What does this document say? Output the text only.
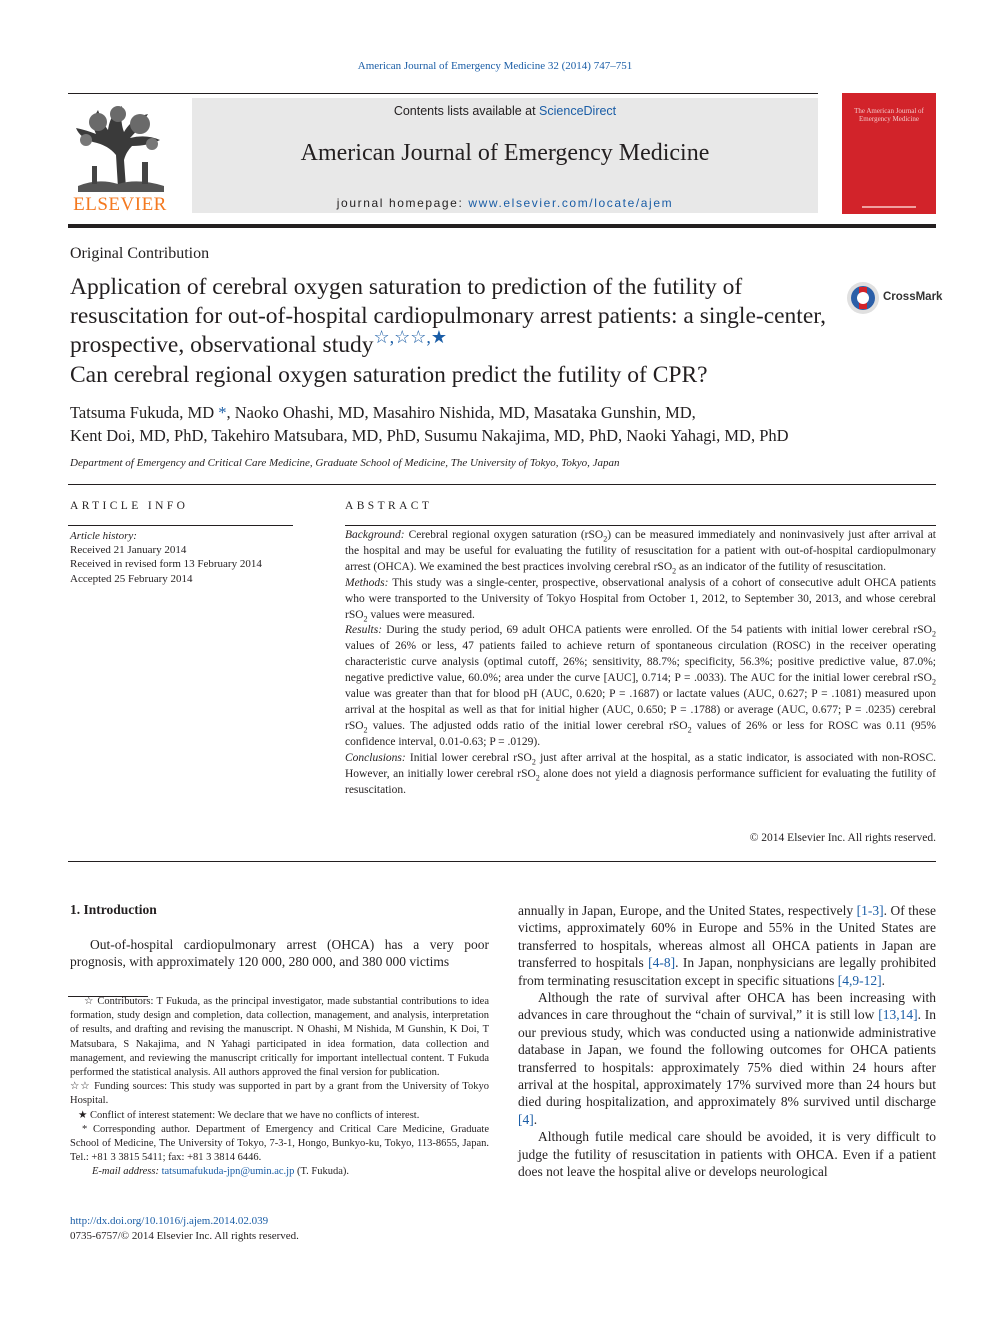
American Journal of Emergency Medicine 32 (2014) 747–751
ELSEVIER
Contents lists available at ScienceDirect
American Journal of Emergency Medicine
journal homepage: www.elsevier.com/locate/ajem
The American Journal of Emergency Medicine
Original Contribution
Application of cerebral oxygen saturation to prediction of the futility of resuscitation for out-of-hospital cardiopulmonary arrest patients: a single-center, prospective, observational study☆,☆☆,★
Can cerebral regional oxygen saturation predict the futility of CPR?
CrossMark
Tatsuma Fukuda, MD *, Naoko Ohashi, MD, Masahiro Nishida, MD, Masataka Gunshin, MD,
Kent Doi, MD, PhD, Takehiro Matsubara, MD, PhD, Susumu Nakajima, MD, PhD, Naoki Yahagi, MD, PhD
Department of Emergency and Critical Care Medicine, Graduate School of Medicine, The University of Tokyo, Tokyo, Japan
ARTICLE INFO	ABSTRACT
Article history:
Received 21 January 2014
Received in revised form 13 February 2014
Accepted 25 February 2014

Background: Cerebral regional oxygen saturation (rSO$_2$) can be measured immediately and noninvasively just after arrival at the hospital and may be useful for evaluating the futility of resuscitation for a patient with out-of-hospital cardiopulmonary arrest (OHCA). We examined the best practices involving cerebral rSO$_2$ as an indicator of the futility of resuscitation.

Methods: This study was a single-center, prospective, observational analysis of a cohort of consecutive adult OHCA patients who were transported to the University of Tokyo Hospital from October 1, 2012, to September 30, 2013, and whose cerebral rSO$_2$ values were measured.

Results: During the study period, 69 adult OHCA patients were enrolled. Of the 54 patients with initial lower cerebral rSO$_2$ values of 26% or less, 47 patients failed to achieve return of spontaneous circulation (ROSC) in the receiver operating characteristic curve analysis (optimal cutoff, 26%; sensitivity, 88.7%; specificity, 56.3%; positive predictive value, 87.0%; negative predictive value, 60.0%; area under the curve [AUC], 0.714; P = .0033). The AUC for the initial lower cerebral rSO$_2$ value was greater than that for blood pH (AUC, 0.620; P = .1687) or lactate values (AUC, 0.627; P = .1081) measured upon arrival at the hospital as well as that for initial higher (AUC, 0.650; P = .1788) or average (AUC, 0.677; P = .0235) cerebral rSO$_2$ values. The adjusted odds ratio of the initial lower cerebral rSO$_2$ values of 26% or less for ROSC was 0.11 (95% confidence interval, 0.01-0.63; P = .0129).

Conclusions: Initial lower cerebral rSO$_2$ just after arrival at the hospital, as a static indicator, is associated with non-ROSC. However, an initially lower cerebral rSO$_2$ alone does not yield a diagnosis performance sufficient for evaluating the futility of resuscitation.

© 2014 Elsevier Inc. All rights reserved.
1. Introduction
Out-of-hospital cardiopulmonary arrest (OHCA) has a very poor prognosis, with approximately 120 000, 280 000, and 380 000 victims

☆ Contributors: T Fukuda, as the principal investigator, made substantial contributions to idea formation, study design and completion, data collection, management, and analysis, interpretation of results, and drafting and revising the manuscript. N Ohashi, M Nishida, M Gunshin, K Doi, T Matsubara, S Nakajima, and N Yahagi participated in idea formation, data collection and management, and reviewing the manuscript critically for important intellectual content. T Fukuda performed the statistical analysis. All authors approved the final version for publication.

☆☆ Funding sources: This study was supported in part by a grant from the University of Tokyo Hospital.

★ Conflict of interest statement: We declare that we have no conflicts of interest.

* Corresponding author. Department of Emergency and Critical Care Medicine, Graduate School of Medicine, The University of Tokyo, 7-3-1, Hongo, Bunkyo-ku, Tokyo, 113-8655, Japan. Tel.: +81 3 3815 5411; fax: +81 3 3814 6446.

E-mail address: tatsumafukuda-jpn@umin.ac.jp (T. Fukuda).

http://dx.doi.org/10.1016/j.ajem.2014.02.039
0735-6757/© 2014 Elsevier Inc. All rights reserved.

annually in Japan, Europe, and the United States, respectively [1-3]. Of these victims, approximately 60% in Europe and 55% in the United States are transferred to hospitals, whereas almost all OHCA patients in Japan are transferred to hospitals [4-8]. In Japan, nonphysicians are legally prohibited from terminating resuscitation except in specific situations [4,9-12].

Although the rate of survival after OHCA has been increasing with advances in care throughout the “chain of survival,” it is still low [13,14]. In our previous study, which was conducted using a nationwide administrative database in Japan, we found the following outcomes for OHCA patients transferred to hospitals: approximately 75% died within 24 hours after arrival at the hospital, approximately 17% survived more than 24 hours but died during hospitalization, and approximately 8% survived until discharge [4].

Although futile medical care should be avoided, it is very difficult to judge the futility of resuscitation in patients with OHCA. Even if a patient does not leave the hospital alive or develops neurological
